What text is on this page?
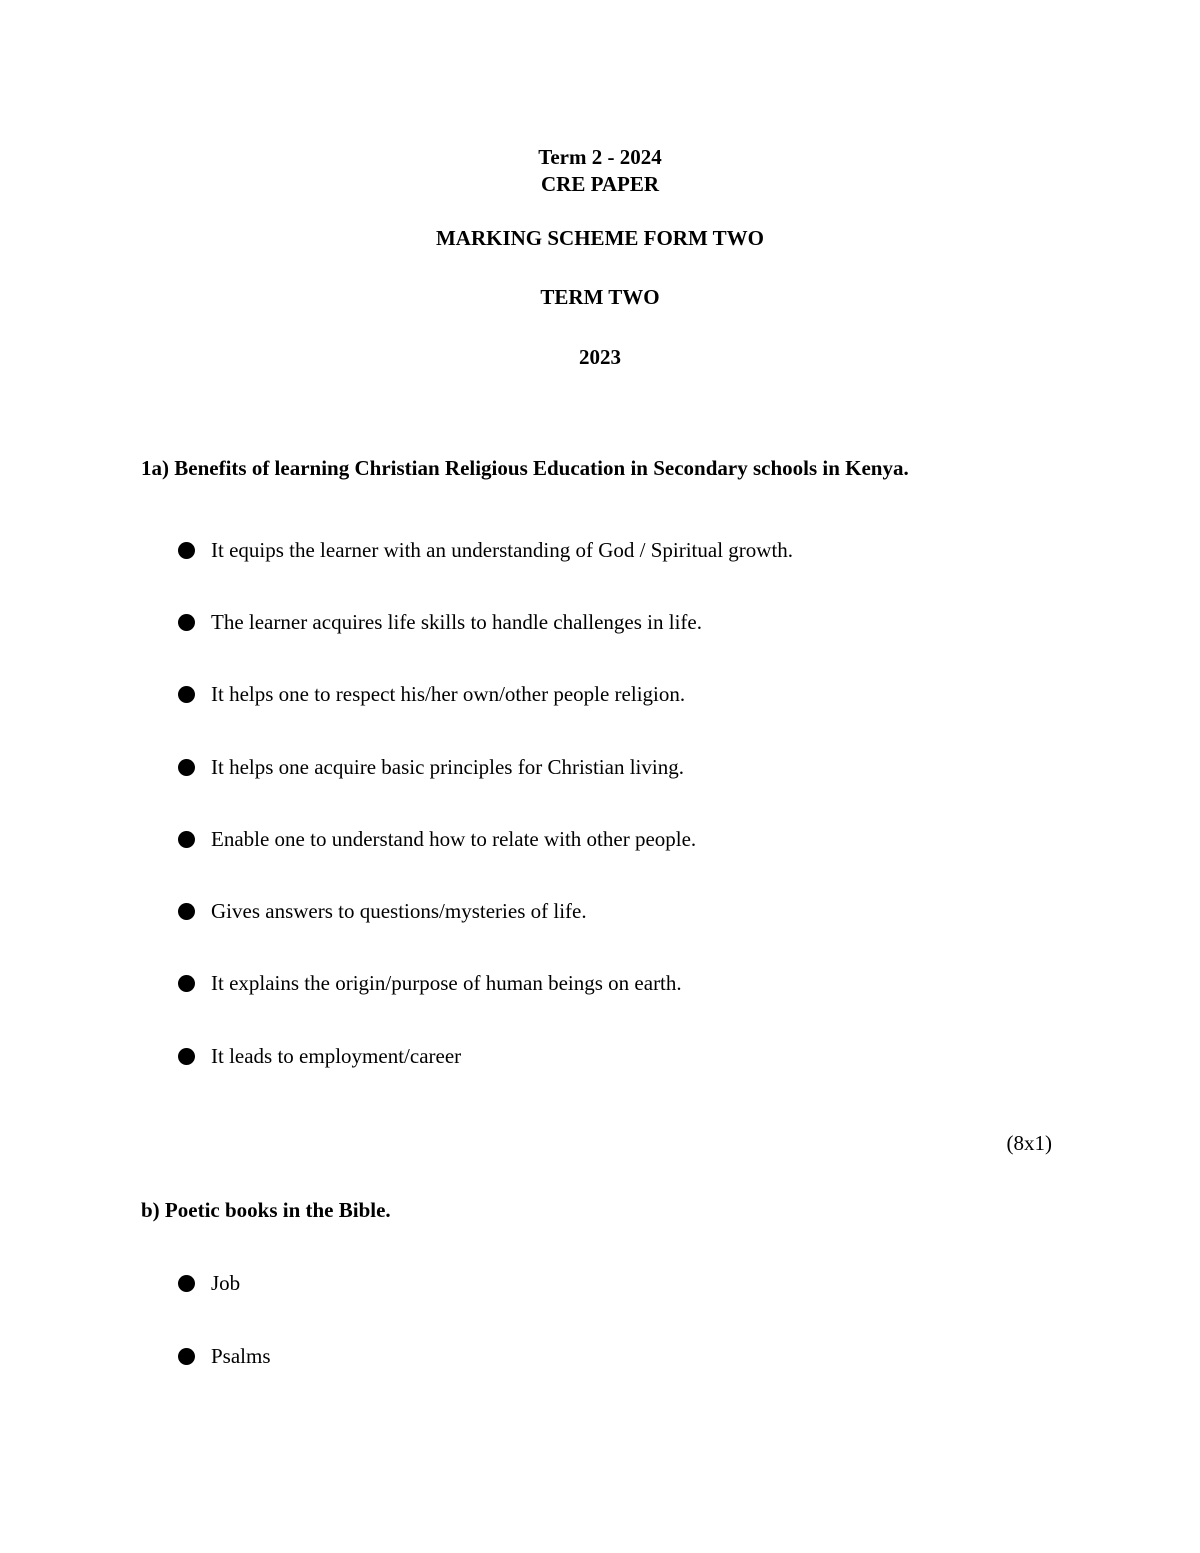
Term 2 - 2024
CRE PAPER
MARKING SCHEME FORM TWO
TERM TWO
2023
1a) Benefits of learning Christian Religious Education in Secondary schools in Kenya.
It equips the learner with an understanding of God / Spiritual growth.
The learner acquires life skills to handle challenges in life.
It helps one to respect his/her own/other people religion.
It helps one acquire basic principles for Christian living.
Enable one to understand how to relate with other people.
Gives answers to questions/mysteries of life.
It explains the origin/purpose of human beings on earth.
It leads to employment/career
(8x1)
b) Poetic books in the Bible.
Job
Psalms
